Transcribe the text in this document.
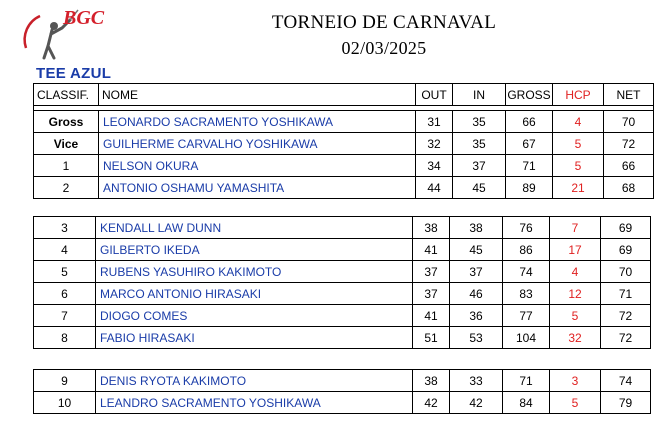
BGC	TORNEIO DE CARNAVAL
02/03/2025
TEE AZUL
CLASSIF.	NOME	OUT	IN	GROSS	HCP	NET

Gross	LEONARDO SACRAMENTO YOSHIKAWA	31	35	66	4	70
Vice	GUILHERME CARVALHO YOSHIKAWA	32	35	67	5	72
1	NELSON OKURA	34	37	71	5	66
2	ANTONIO OSHAMU YAMASHITA	44	45	89	21	68
3	KENDALL LAW DUNN	38	38	76	7	69
4	GILBERTO IKEDA	41	45	86	17	69
5	RUBENS YASUHIRO KAKIMOTO	37	37	74	4	70
6	MARCO ANTONIO HIRASAKI	37	46	83	12	71
7	DIOGO COMES	41	36	77	5	72
8	FABIO HIRASAKI	51	53	104	32	72
9	DENIS RYOTA KAKIMOTO	38	33	71	3	74
10	LEANDRO SACRAMENTO YOSHIKAWA	42	42	84	5	79
